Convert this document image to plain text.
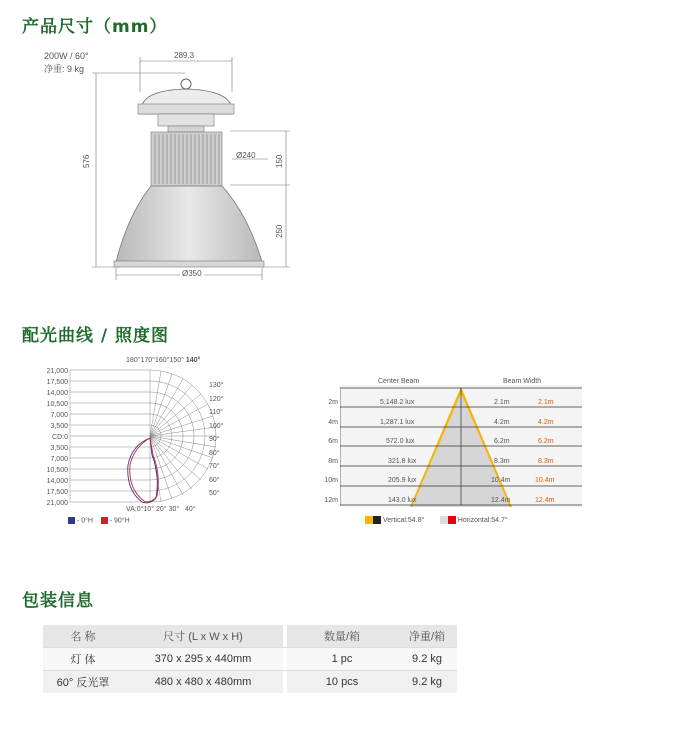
产品尺寸（mm）
配光曲线 / 照度图
包装信息
200W / 60°
净重: 9 kg
289.3
576	Ø240 150
250
Ø350
21,000
17,500
14,000
10,500
7,000
3,500
CD:0
3,500
7,000
10,500
14,000
17,500
21,000
180°170°160°150° 140°
130°
120°
110°
100°
90°
80°
70°
60°
50°
VA:0°10° 20° 30° 40°
- 0°H - 90°H
Center Beam	Beam Width
2m	5,148.2 lux	2.1m	2.1m
4m	1,287.1 lux	4.2m	4.2m
6m	572.0 lux	6.2m	6.2m
8m	321.8 lux	8.3m	8.3m
10m	205.9 lux	10.4m	10.4m
12m	143.0 lux	12.4m	12.4m
Vertical:54.8°	Horizontal:54.7°
名 称	尺寸 (L x W x H)		数量/箱	净重/箱
灯 体	370 x 295 x 440mm		1 pc	9.2 kg
60° 反光罩	480 x 480 x 480mm		10 pcs	9.2 kg
